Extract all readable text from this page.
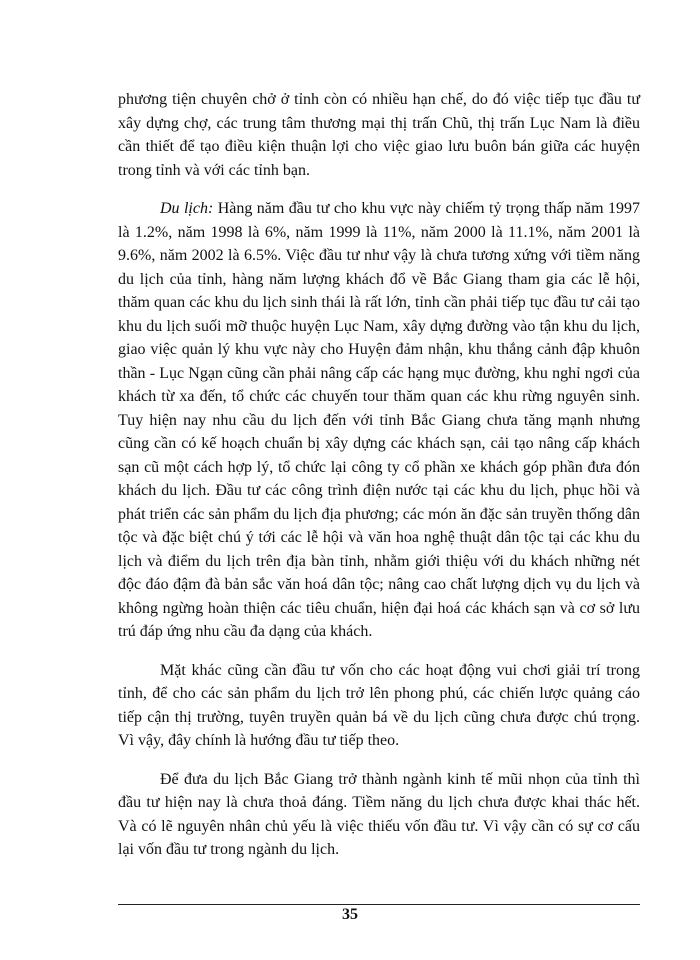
phương tiện chuyên chở ở tỉnh còn có nhiều hạn chế, do đó việc tiếp tục đầu tư xây dựng chợ, các trung tâm thương mại thị trấn Chũ, thị trấn Lục Nam là điều cần thiết để tạo điều kiện thuận lợi cho việc giao lưu buôn bán giữa các huyện trong tỉnh và với các tỉnh bạn.

Du lịch: Hàng năm đầu tư cho khu vực này chiếm tỷ trọng thấp năm 1997 là 1.2%, năm 1998 là 6%, năm 1999 là 11%, năm 2000 là 11.1%, năm 2001 là 9.6%, năm 2002 là 6.5%. Việc đầu tư như vậy là chưa tương xứng với tiềm năng du lịch của tỉnh, hàng năm lượng khách đổ về Bắc Giang tham gia các lễ hội, thăm quan các khu du lịch sinh thái là rất lớn, tỉnh cần phải tiếp tục đầu tư cải tạo khu du lịch suối mỡ thuộc huyện Lục Nam, xây dựng đường vào tận khu du lịch, giao việc quản lý khu vực này cho Huyện đảm nhận, khu thắng cảnh đập khuôn thần - Lục Ngạn cũng cần phải nâng cấp các hạng mục đường, khu nghỉ ngơi của khách từ xa đến, tổ chức các chuyến tour thăm quan các khu rừng nguyên sinh. Tuy hiện nay nhu cầu du lịch đến với tỉnh Bắc Giang chưa tăng mạnh nhưng cũng cần có kế hoạch chuẩn bị xây dựng các khách sạn, cải tạo nâng cấp khách sạn cũ một cách hợp lý, tổ chức lại công ty cổ phần xe khách góp phần đưa đón khách du lịch. Đầu tư các công trình điện nước tại các khu du lịch, phục hồi và phát triển các sản phẩm du lịch địa phương; các món ăn đặc sản truyền thống dân tộc và đặc biệt chú ý tới các lễ hội và văn hoa nghệ thuật dân tộc tại các khu du lịch và điểm du lịch trên địa bàn tỉnh, nhằm giới thiệu với du khách những nét độc đáo đậm đà bản sắc văn hoá dân tộc; nâng cao chất lượng dịch vụ du lịch và không ngừng hoàn thiện các tiêu chuẩn, hiện đại hoá các khách sạn và cơ sở lưu trú đáp ứng nhu cầu đa dạng của khách.

Mặt khác cũng cần đầu tư vốn cho các hoạt động vui chơi giải trí trong tỉnh, để cho các sản phẩm du lịch trở lên phong phú, các chiến lược quảng cáo tiếp cận thị trường, tuyên truyền quản bá về du lịch cũng chưa được chú trọng. Vì vậy, đây chính là hướng đầu tư tiếp theo.

Để đưa du lịch Bắc Giang trở thành ngành kinh tế mũi nhọn của tỉnh thì đầu tư hiện nay là chưa thoả đáng. Tiềm năng du lịch chưa được khai thác hết. Và có lẽ nguyên nhân chủ yếu là việc thiếu vốn đầu tư. Vì vậy cần có sự cơ cấu lại vốn đầu tư trong ngành du lịch.

35
